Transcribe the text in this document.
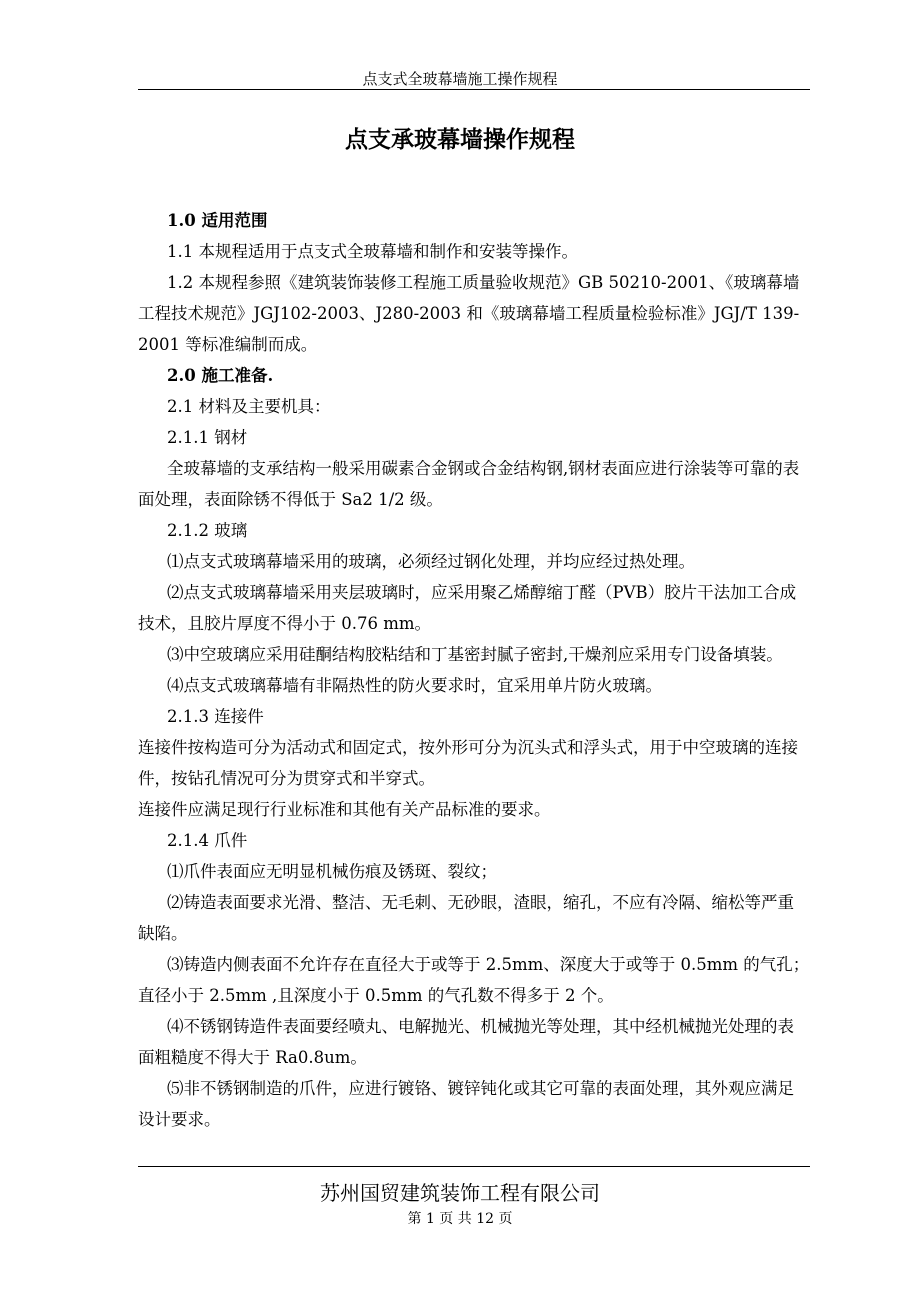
点支式全玻幕墙施工操作规程
点支承玻幕墙操作规程

1.0 适用范围

1.1 本规程适用于点支式全玻幕墙和制作和安装等操作。

1.2 本规程参照《建筑装饰装修工程施工质量验收规范》GB 50210-2001、《玻璃幕墙工程技术规范》JGJ102-2003、J280-2003 和《玻璃幕墙工程质量检验标准》JGJ/T 139-2001 等标准编制而成。

2.0 施工准备.

2.1 材料及主要机具：

2.1.1 钢材

全玻幕墙的支承结构一般采用碳素合金钢或合金结构钢,钢材表面应进行涂装等可靠的表面处理，表面除锈不得低于 Sa2 1/2 级。

2.1.2 玻璃

⑴点支式玻璃幕墙采用的玻璃，必须经过钢化处理，并均应经过热处理。

⑵点支式玻璃幕墙采用夹层玻璃时，应采用聚乙烯醇缩丁醛（PVB）胶片干法加工合成技术，且胶片厚度不得小于 0.76 mm。

⑶中空玻璃应采用硅酮结构胶粘结和丁基密封腻子密封,干燥剂应采用专门设备填装。

⑷点支式玻璃幕墙有非隔热性的防火要求时，宜采用单片防火玻璃。

2.1.3 连接件

连接件按构造可分为活动式和固定式，按外形可分为沉头式和浮头式，用于中空玻璃的连接件，按钻孔情况可分为贯穿式和半穿式。

连接件应满足现行行业标准和其他有关产品标准的要求。

2.1.4 爪件

⑴爪件表面应无明显机械伤痕及锈斑、裂纹；

⑵铸造表面要求光滑、整洁、无毛刺、无砂眼，渣眼，缩孔，不应有冷隔、缩松等严重缺陷。

⑶铸造内侧表面不允许存在直径大于或等于 2.5mm、深度大于或等于 0.5mm 的气孔；直径小于 2.5mm ,且深度小于 0.5mm 的气孔数不得多于 2 个。

⑷不锈钢铸造件表面要经喷丸、电解抛光、机械抛光等处理，其中经机械抛光处理的表面粗糙度不得大于 Ra0.8um。

⑸非不锈钢制造的爪件，应进行镀铬、镀锌钝化或其它可靠的表面处理，其外观应满足设计要求。

苏州国贸建筑装饰工程有限公司
第 1 页 共 12 页
